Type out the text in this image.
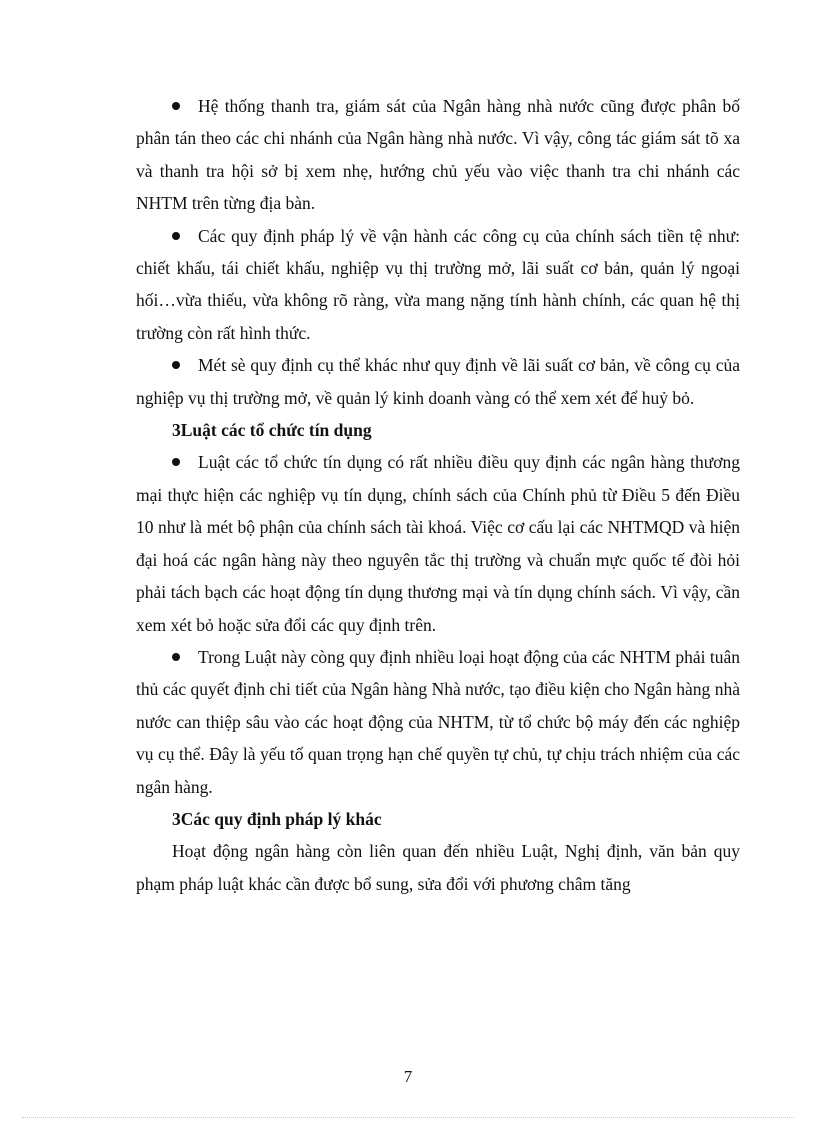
Hệ thống thanh tra, giám sát của Ngân hàng nhà nước cũng được phân bố phân tán theo các chi nhánh của Ngân hàng nhà nước. Vì vậy, công tác giám sát tõ xa và thanh tra hội sở bị xem nhẹ, hướng chủ yếu vào việc thanh tra chi nhánh các NHTM trên từng địa bàn.

Các quy định pháp lý về vận hành các công cụ của chính sách tiền tệ như: chiết khấu, tái chiết khấu, nghiệp vụ thị trường mở, lãi suất cơ bản, quản lý ngoại hối…vừa thiếu, vừa không rõ ràng, vừa mang nặng tính hành chính, các quan hệ thị trường còn rất hình thức.

Mét sè quy định cụ thể khác như quy định về lãi suất cơ bản, về công cụ của nghiệp vụ thị trường mở, về quản lý kinh doanh vàng có thể xem xét để huỷ bỏ.

3Luật các tổ chức tín dụng

Luật các tổ chức tín dụng có rất nhiều điều quy định các ngân hàng thương mại thực hiện các nghiệp vụ tín dụng, chính sách của Chính phủ từ Điều 5 đến Điều 10 như là mét bộ phận của chính sách tài khoá. Việc cơ cấu lại các NHTMQD và hiện đại hoá các ngân hàng này theo nguyên tắc thị trường và chuẩn mực quốc tế đòi hỏi phải tách bạch các hoạt động tín dụng thương mại và tín dụng chính sách. Vì vậy, cần xem xét bỏ hoặc sửa đổi các quy định trên.

Trong Luật này còng quy định nhiều loại hoạt động của các NHTM phải tuân thủ các quyết định chi tiết của Ngân hàng Nhà nước, tạo điều kiện cho Ngân hàng nhà nước can thiệp sâu vào các hoạt động của NHTM, từ tổ chức bộ máy đến các nghiệp vụ cụ thể. Đây là yếu tố quan trọng hạn chế quyền tự chủ, tự chịu trách nhiệm của các ngân hàng.

3Các quy định pháp lý khác

Hoạt động ngân hàng còn liên quan đến nhiều Luật, Nghị định, văn bản quy phạm pháp luật khác cần được bổ sung, sửa đổi với phương châm tăng

7
